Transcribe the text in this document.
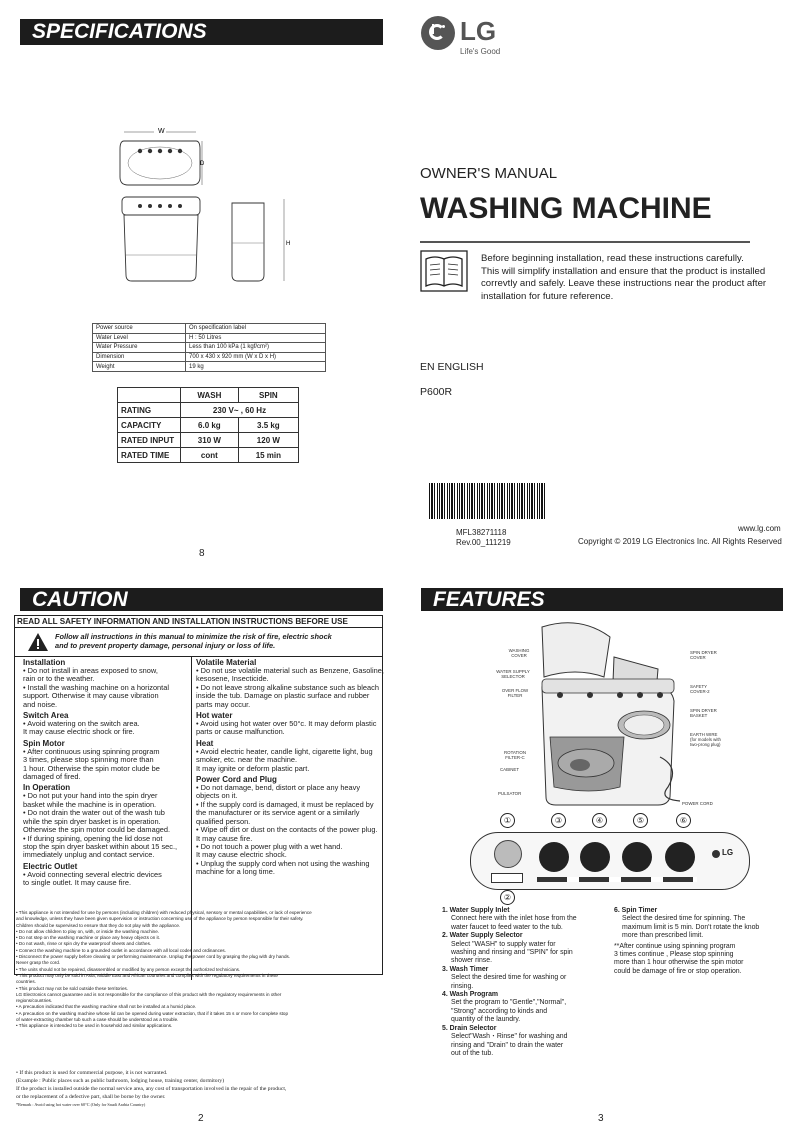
SPECIFICATIONS
W
D
H
Power source	On specification label
Water Level	H : 50 Litres
Water Pressure	Less than 100 kPa (1 kgf/cm²)
Dimension	700 x 430 x 920 mm (W x D x H)
Weight	19 kg
	WASH	SPIN
RATING	230 V~ , 60 Hz	
CAPACITY	6.0 kg	3.5 kg
RATED INPUT	310 W	120 W
RATED TIME	cont	15 min
8
LG
Life's Good
OWNER'S MANUAL
WASHING MACHINE
Before beginning installation, read these instructions carefully.
This will simplify installation and ensure that the product is installed
correvtly and safely. Leave these instructions near the product after
installation for future reference.
EN ENGLISH
P600R
MFL38271118
Rev.00_111219
www.lg.com
Copyright © 2019 LG Electronics Inc. All Rights Reserved
CAUTION
READ ALL SAFETY INFORMATION AND INSTALLATION INSTRUCTIONS BEFORE USE
Follow all instructions in this manual to minimize the risk of fire, electric shock
and to prevent property damage, personal injury or loss of life.
Installation
• Do not install in areas exposed to snow,
rain or to the weather.
• Install the washing machine on a horizontal
support. Otherwise it may cause vibration
and noise.
Switch Area
• Avoid watering on the switch area.
It may cause electric shock or fire.
Spin Motor
• After continuous using spinning program
3 times, please stop spinning more than
1 hour. Otherwise the spin motor clude be
damaged of fired.
In Operation
• Do not put your hand into the spin dryer
basket while the machine is in operation.
• Do not drain the water out of the wash tub
while the spin dryer basket is in operation.
Otherwise the spin motor could be damaged.
• If during spining, opening the lid dose not
stop the spin dryer basket within about 15 sec.,
immediately unplug and contact service.
Electric Outlet
• Avoid connecting several electric devices
to single outlet. It may cause fire.
Volatile Material
• Do not use volatile material such as Benzene, Gasoline,
kesosene, Insecticide.
• Do not leave strong alkaline substance such as bleach
inside the tub. Damage on plastic surface and rubber
parts may occur.
Hot water
• Avoid using hot water over 50°c. It may deform plastic
parts or cause malfunction.
Heat
• Avoid electric heater, candle light, cigarette light, bug
smoker, etc. near the machine.
It may ignite or deform plastic part.
Power Cord and Plug
• Do not damage, bend, distort or place any heavy
objects on it.
• If the supply cord is damaged, it must be replaced by
the manufacturer or its service agent or a similarly
qualified person.
• Wipe off dirt or dust on the contacts of the power plug.
It may cause fire.
• Do not touch a power plug with a wet hand.
It may cause electric shock.
• Unplug the supply cord when not using the washing
machine for a long time.
• This appliance is not intended for use by persons (including children) with reduced physical, sensory or mental capabilities, or lack of experience
and knowledge, unless they have been given supervision or instruction concerning use of the appliance by person responsible for their safety.
Children should be supervised to ensure that they do not play with the appliance.
• Do not allow children to play on, with, or inside the washing machine.
• Do not step on the washing machine or place any heavy objects on it.
• Do not wash, rinse or spin dry the waterproof sheets and clothes.
• Connect the washing machine to a grounded outlet in accordance with all local codes and ordinances.
• Disconnect the power supply before cleaning or performing maintenance. Unplug the power cord by grasping the plug with dry hands.
Never grasp the cord.
• The units should not be repaired, disassembled or modified by any person except the authorized technicians.
• This product may only be sold in Asia, Middle East and African countries and complies with the regulatory requirements in these
countries.
• This product may not be sold outside these territories.
LG Electronics cannot guarantee and is not responsible for the compliance of this product with the regulatory requirements in other
regions/countries.
• A precaution indicated that the washing machine shall not be installed at a humid place.
• A precaution on the washing machine whose lid can be opened during water extraction, that if it takes 15 s or more for complete stop
of water-extracting chamber tub such a case should be understood as a trouble.
• This appliance is intended to be used in household and similar applications.
• If this product is used for commercial purpose, it is not warranted.
(Example : Public places such as public bathroom, lodging house, training center, dormitory)
If the product is installed outside the normal service area, any cost of transportation involved in the repair of the product,
or the replacement of a defective part, shall be borne by the owner.
*Remark : Avoid using hot water over 60°C (Only for Saudi Arabia Country)
2
FEATURES
WASHING
COVER
WATER SUPPLY
SELECTOR
OVER FLOW
FILTER
ROTATION
FILTER-C
CABINET
PULSATOR
SPIN DRYER
COVER
SAFETY
COVER-2
SPIN DRYER
BASKET
EARTH WIRE
(for models with
two-prong plug)
POWER CORD
①	③	④	⑤	⑥
LG
②
1. Water Supply Inlet
Connect here with the inlet hose from the
water faucet to feed water to the tub.
2. Water Supply Selector
Select "WASH" to supply water for
washing and rinsing and "SPIN" for spin
shower rinse.
3. Wash Timer
Select the desired time for washing or
rinsing.
4. Wash Program
Set the program to "Gentle","Normal",
"Strong" according to kinds and
quantity of the laundry.
5. Drain Selector
Select"Wash・Rinse" for washing and
rinsing and "Drain" to drain the water
out of the tub.
6. Spin Timer
Select the desired time for spinning. The
maximum limit is 5 min. Don't rotate the knob
more than prescribed limit.
**After continue using spinning program
3 times continue , Please stop spinning
more than 1 hour otherwise the spin motor
could be damage of fire or stop operation.
3
